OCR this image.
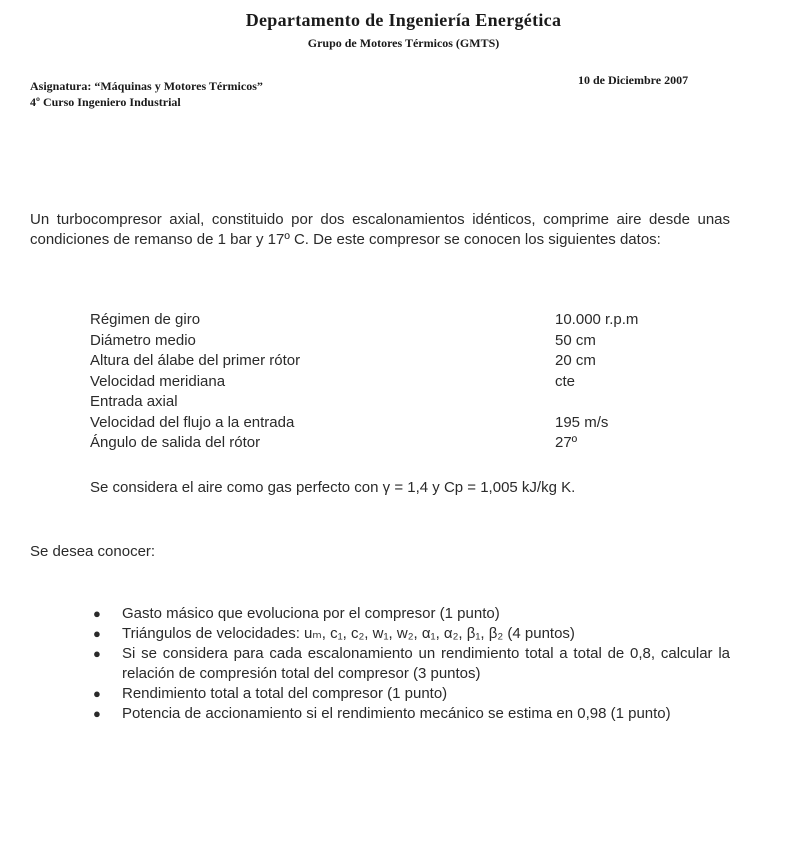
Departamento de Ingeniería Energética
Grupo de Motores Térmicos (GMTS)
Asignatura: “Máquinas y Motores Térmicos”
4º Curso Ingeniero Industrial
10 de Diciembre 2007
Un turbocompresor axial, constituido por dos escalonamientos idénticos, comprime aire desde unas condiciones de remanso de 1 bar y 17º C. De este compresor se conocen los siguientes datos:
Régimen de giro	10.000 r.p.m
Diámetro medio	50 cm
Altura del álabe del primer rótor	20 cm
Velocidad meridiana	cte
Entrada axial
Velocidad del flujo a la entrada	195 m/s
Ángulo de salida del rótor	27º
Se considera el aire como gas perfecto con γ = 1,4 y Cp = 1,005 kJ/kg K.
Se desea conocer:
● Gasto másico que evoluciona por el compresor (1 punto)
● Triángulos de velocidades: uₘ, c₁, c₂, w₁, w₂, α₁, α₂, β₁, β₂ (4 puntos)
● Si se considera para cada escalonamiento un rendimiento total a total de 0,8, calcular la relación de compresión total del compresor (3 puntos)
● Rendimiento total a total del compresor (1 punto)
● Potencia de accionamiento si el rendimiento mecánico se estima en 0,98 (1 punto)
